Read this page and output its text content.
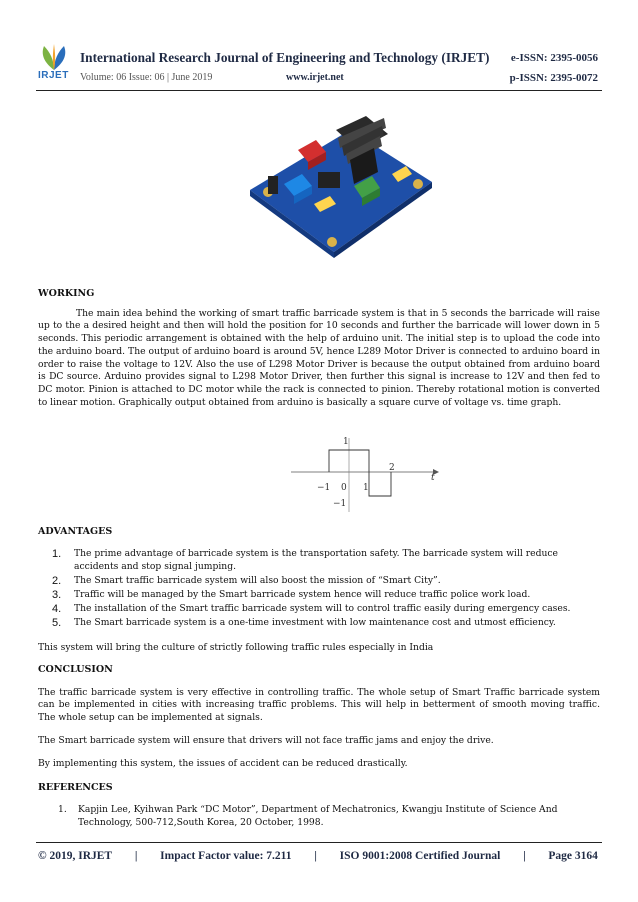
IRJET
International Research Journal of Engineering and Technology (IRJET) e-ISSN: 2395-0056
Volume: 06 Issue: 06 | June 2019	www.irjet.net	p-ISSN: 2395-0072
WORKING

The main idea behind the working of smart traffic barricade system is that in 5 seconds the barricade will raise up to the a desired height and then will hold the position for 10 seconds and further the barricade will lower down in 5 seconds. This periodic arrangement is obtained with the help of arduino unit. The initial step is to upload the code into the arduino board. The output of arduino board is around 5V, hence L289 Motor Driver is connected to arduino board in order to raise the voltage to 12V. Also the use of L298 Motor Driver is because the output obtained from arduino board is DC source. Arduino provides signal to L298 Motor Driver, then further this signal is increase to 12V and then fed to DC motor. Pinion is attached to DC motor while the rack is connected to pinion. Thereby rotational motion is converted to linear motion. Graphically output obtained from arduino is basically a square curve of voltage vs. time graph.

1
2
t
−1 0 1
−1
ADVANTAGES
1. The prime advantage of barricade system is the transportation safety. The barricade system will reduce accidents and stop signal jumping.
2. The Smart traffic barricade system will also boost the mission of “Smart City”.
3. Traffic will be managed by the Smart barricade system hence will reduce traffic police work load.
4. The installation of the Smart traffic barricade system will to control traffic easily during emergency cases.
5. The Smart barricade system is a one-time investment with low maintenance cost and utmost efficiency.

This system will bring the culture of strictly following traffic rules especially in India

CONCLUSION

The traffic barricade system is very effective in controlling traffic. The whole setup of Smart Traffic barricade system can be implemented in cities with increasing traffic problems. This will help in betterment of smooth moving traffic. The whole setup can be implemented at signals.

The Smart barricade system will ensure that drivers will not face traffic jams and enjoy the drive.

By implementing this system, the issues of accident can be reduced drastically.

REFERENCES
1. Kapjin Lee, Kyihwan Park “DC Motor”, Department of Mechatronics, Kwangju Institute of Science And Technology, 500-712,South Korea, 20 October, 1998.
© 2019, IRJET | Impact Factor value: 7.211 | ISO 9001:2008 Certified Journal | Page 3164
